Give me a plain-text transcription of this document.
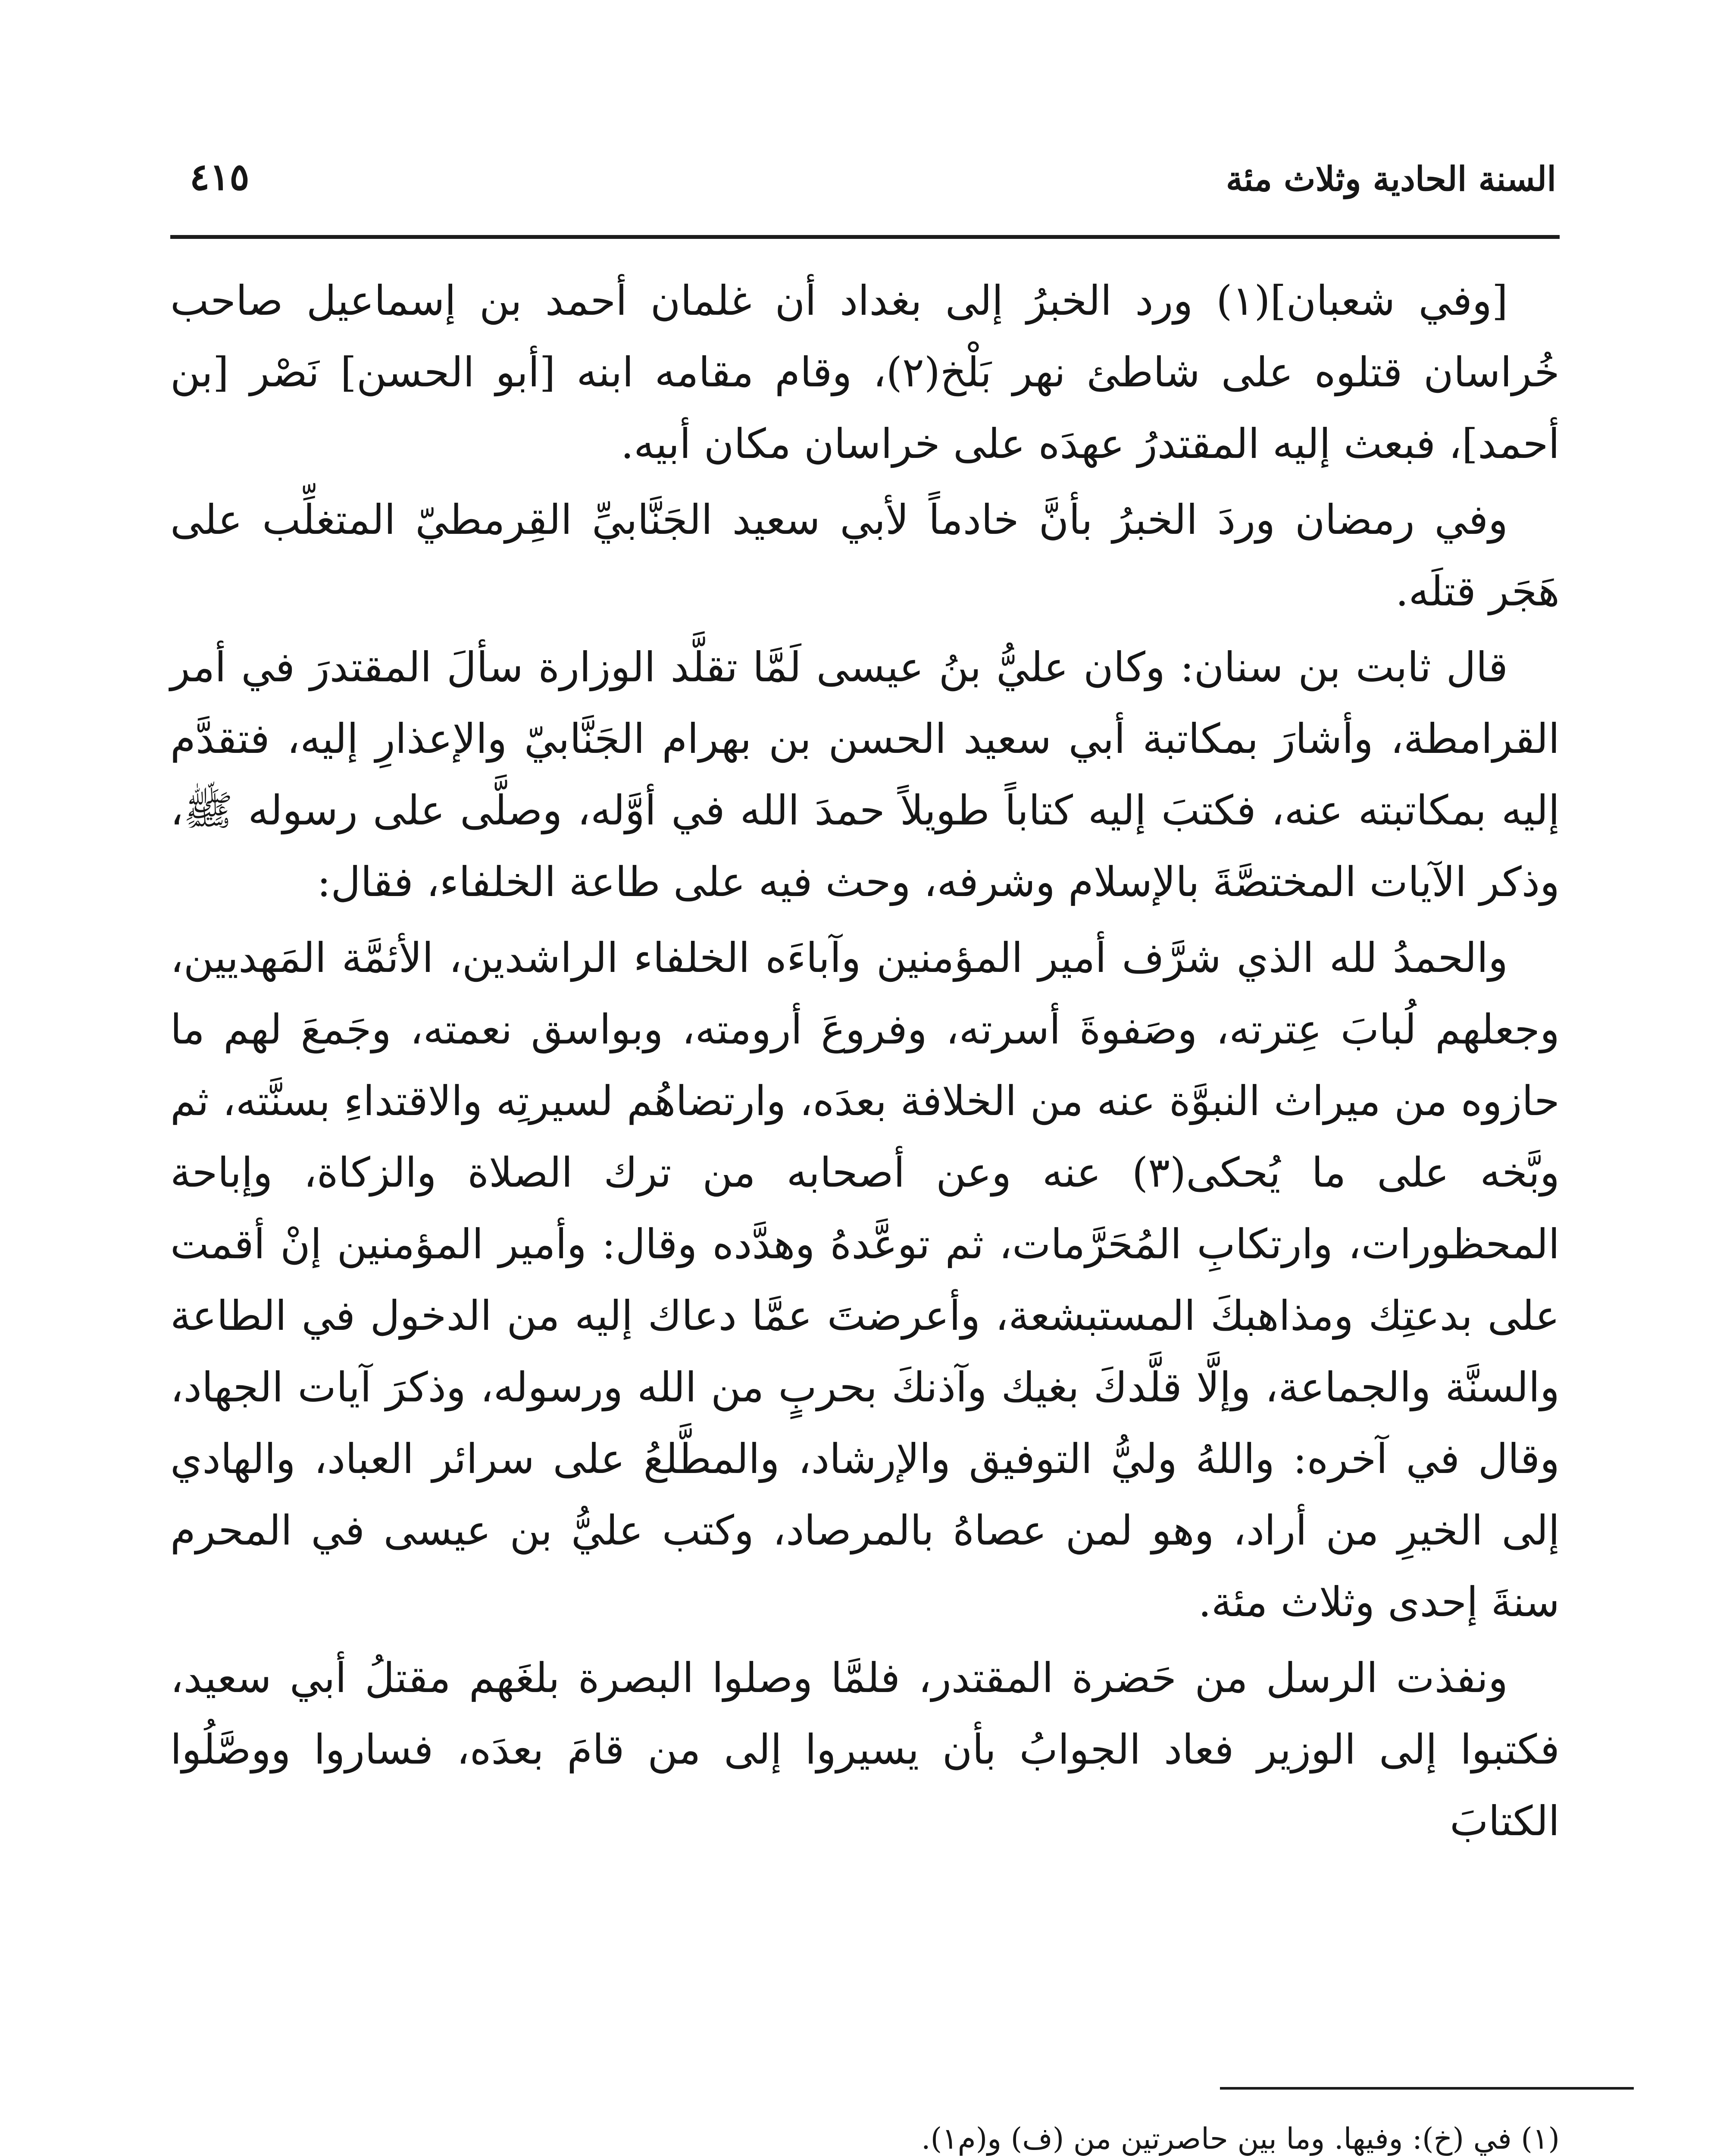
السنة الحادية وثلاث مئة
٤١٥

[وفي شعبان](١) ورد الخبرُ إلى بغداد أن غلمان أحمد بن إسماعيل صاحب خُراسان قتلوه على شاطئ نهر بَلْخ(٢)، وقام مقامه ابنه [أبو الحسن] نَصْر [بن أحمد]، فبعث إليه المقتدرُ عهدَه على خراسان مكان أبيه.

وفي رمضان وردَ الخبرُ بأنَّ خادماً لأبي سعيد الجَنَّابيِّ القِرمطيّ المتغلِّب على هَجَر قتلَه.

قال ثابت بن سنان: وكان عليُّ بنُ عيسى لَمَّا تقلَّد الوزارة سألَ المقتدرَ في أمر القرامطة، وأشارَ بمكاتبة أبي سعيد الحسن بن بهرام الجَنَّابيّ والإعذارِ إليه، فتقدَّم إليه بمكاتبته عنه، فكتبَ إليه كتاباً طويلاً حمدَ الله في أوَّله، وصلَّى على رسوله ﷺ، وذكر الآيات المختصَّةَ بالإسلام وشرفه، وحث فيه على طاعة الخلفاء، فقال:

والحمدُ لله الذي شرَّف أمير المؤمنين وآباءَه الخلفاء الراشدين، الأئمَّة المَهديين، وجعلهم لُبابَ عِترته، وصَفوةَ أسرته، وفروعَ أرومته، وبواسق نعمته، وجَمعَ لهم ما حازوه من ميراث النبوَّة عنه من الخلافة بعدَه، وارتضاهُم لسيرتِه والاقتداءِ بسنَّته، ثم وبَّخه على ما يُحكى(٣) عنه وعن أصحابه من ترك الصلاة والزكاة، وإباحة المحظورات، وارتكابِ المُحَرَّمات، ثم توعَّدهُ وهدَّده وقال: وأمير المؤمنين إنْ أقمت على بدعتِك ومذاهبكَ المستبشعة، وأعرضتَ عمَّا دعاك إليه من الدخول في الطاعة والسنَّة والجماعة، وإلَّا قلَّدكَ بغيك وآذنكَ بحربٍ من الله ورسوله، وذكرَ آيات الجهاد، وقال في آخره: واللهُ وليُّ التوفيق والإرشاد، والمطَّلعُ على سرائر العباد، والهادي إلى الخيرِ من أراد، وهو لمن عصاهُ بالمرصاد، وكتب عليُّ بن عيسى في المحرم سنةَ إحدى وثلاث مئة.

ونفذت الرسل من حَضرة المقتدر، فلمَّا وصلوا البصرة بلغَهم مقتلُ أبي سعيد، فكتبوا إلى الوزير فعاد الجوابُ بأن يسيروا إلى من قامَ بعدَه، فساروا ووصَّلُوا الكتابَ

(١) في (خ): وفيها. وما بين حاصرتين من (ف) و(م١).
